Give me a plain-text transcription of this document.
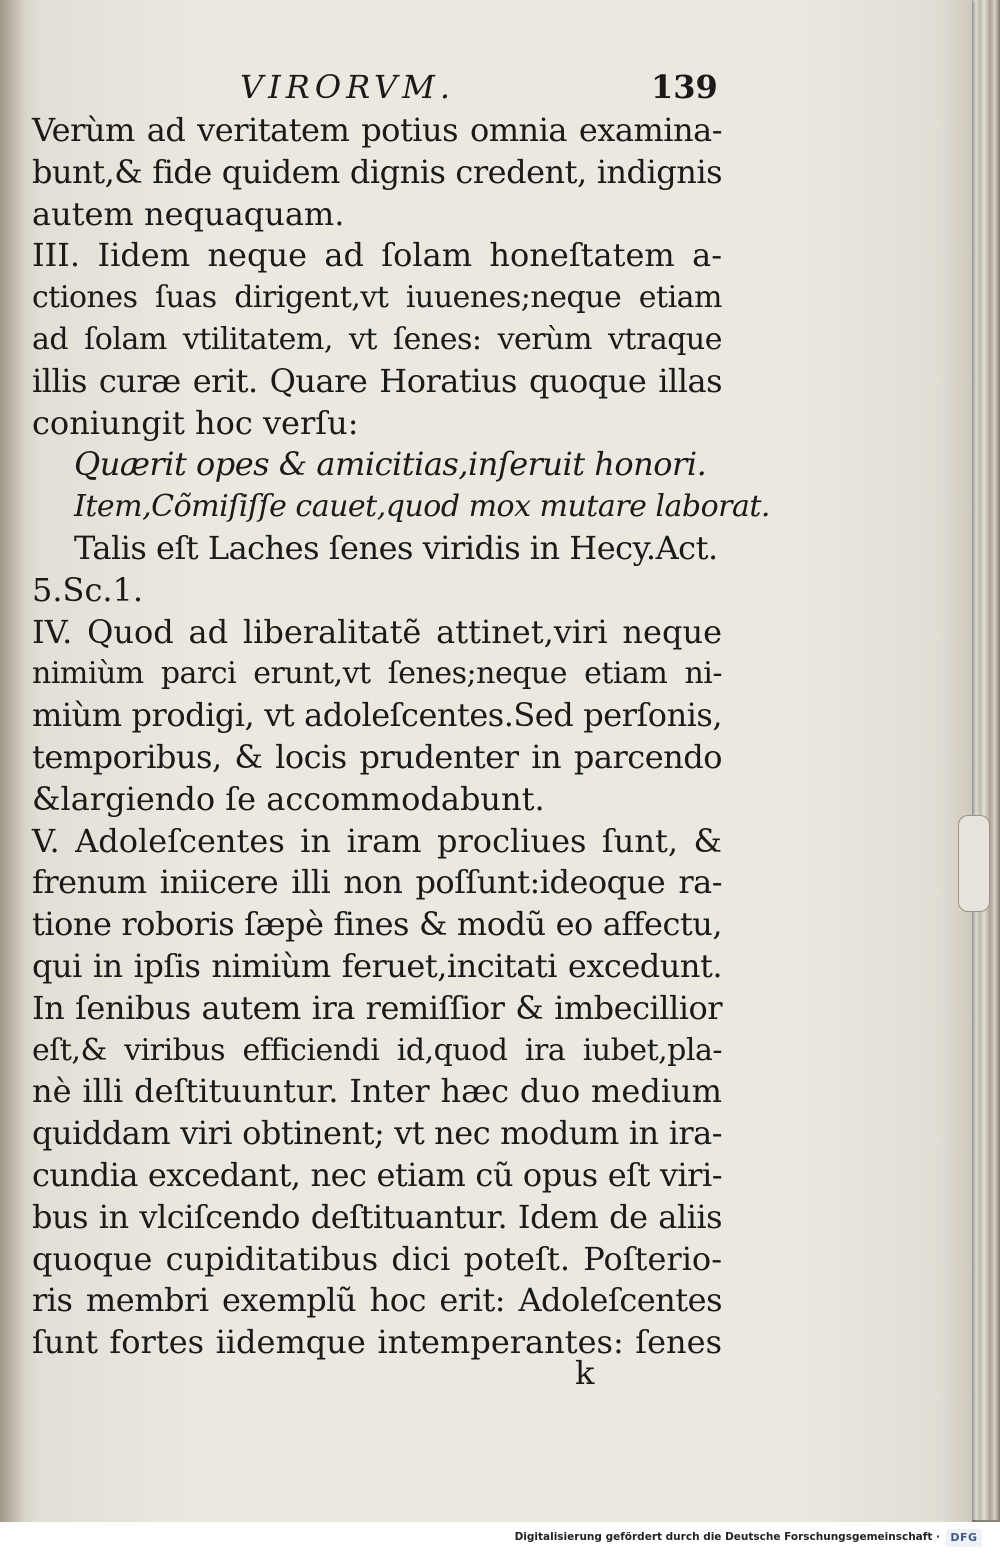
VIRORVM.	139
Verùm ad veritatem potius omnia examina-
bunt,& fide quidem dignis credent, indignis
autem nequaquam.
III. Iidem neque ad ſolam honeſtatem a-
ctiones ſuas dirigent,vt iuuenes;neque etiam
ad ſolam vtilitatem, vt ſenes: verùm vtraque
illis curæ erit. Quare Horatius quoque illas
coniungit hoc verſu:
Quærit opes & amicitias,inſeruit honori.
Item,Cõmiſiſſe cauet,quod mox mutare laborat.
Talis eſt Laches ſenes viridis in Hecy.Act.
5.Sc.1.
IV. Quod ad liberalitatẽ attinet,viri neque
nimiùm parci erunt,vt ſenes;neque etiam ni-
miùm prodigi, vt adoleſcentes.Sed perſonis,
temporibus, & locis prudenter in parcendo
&largiendo ſe accommodabunt.
V. Adoleſcentes in iram procliues ſunt, &
frenum iniicere illi non poſſunt:ideoque ra-
tione roboris ſæpè fines & modũ eo affectu,
qui in ipſis nimiùm feruet,incitati excedunt.
In ſenibus autem ira remiſſior & imbecillior
eſt,& viribus efficiendi id,quod ira iubet,pla-
nè illi deſtituuntur. Inter hæc duo medium
quiddam viri obtinent; vt nec modum in ira-
cundia excedant, nec etiam cũ opus eſt viri-
bus in vlciſcendo deſtituantur. Idem de aliis
quoque cupiditatibus dici poteſt. Poſterio-
ris membri exemplũ hoc erit: Adoleſcentes
ſunt fortes iidemque intemperantes: ſenes
k
Digitalisierung gefördert durch die Deutsche Forschungsgemeinschaft · DFG
